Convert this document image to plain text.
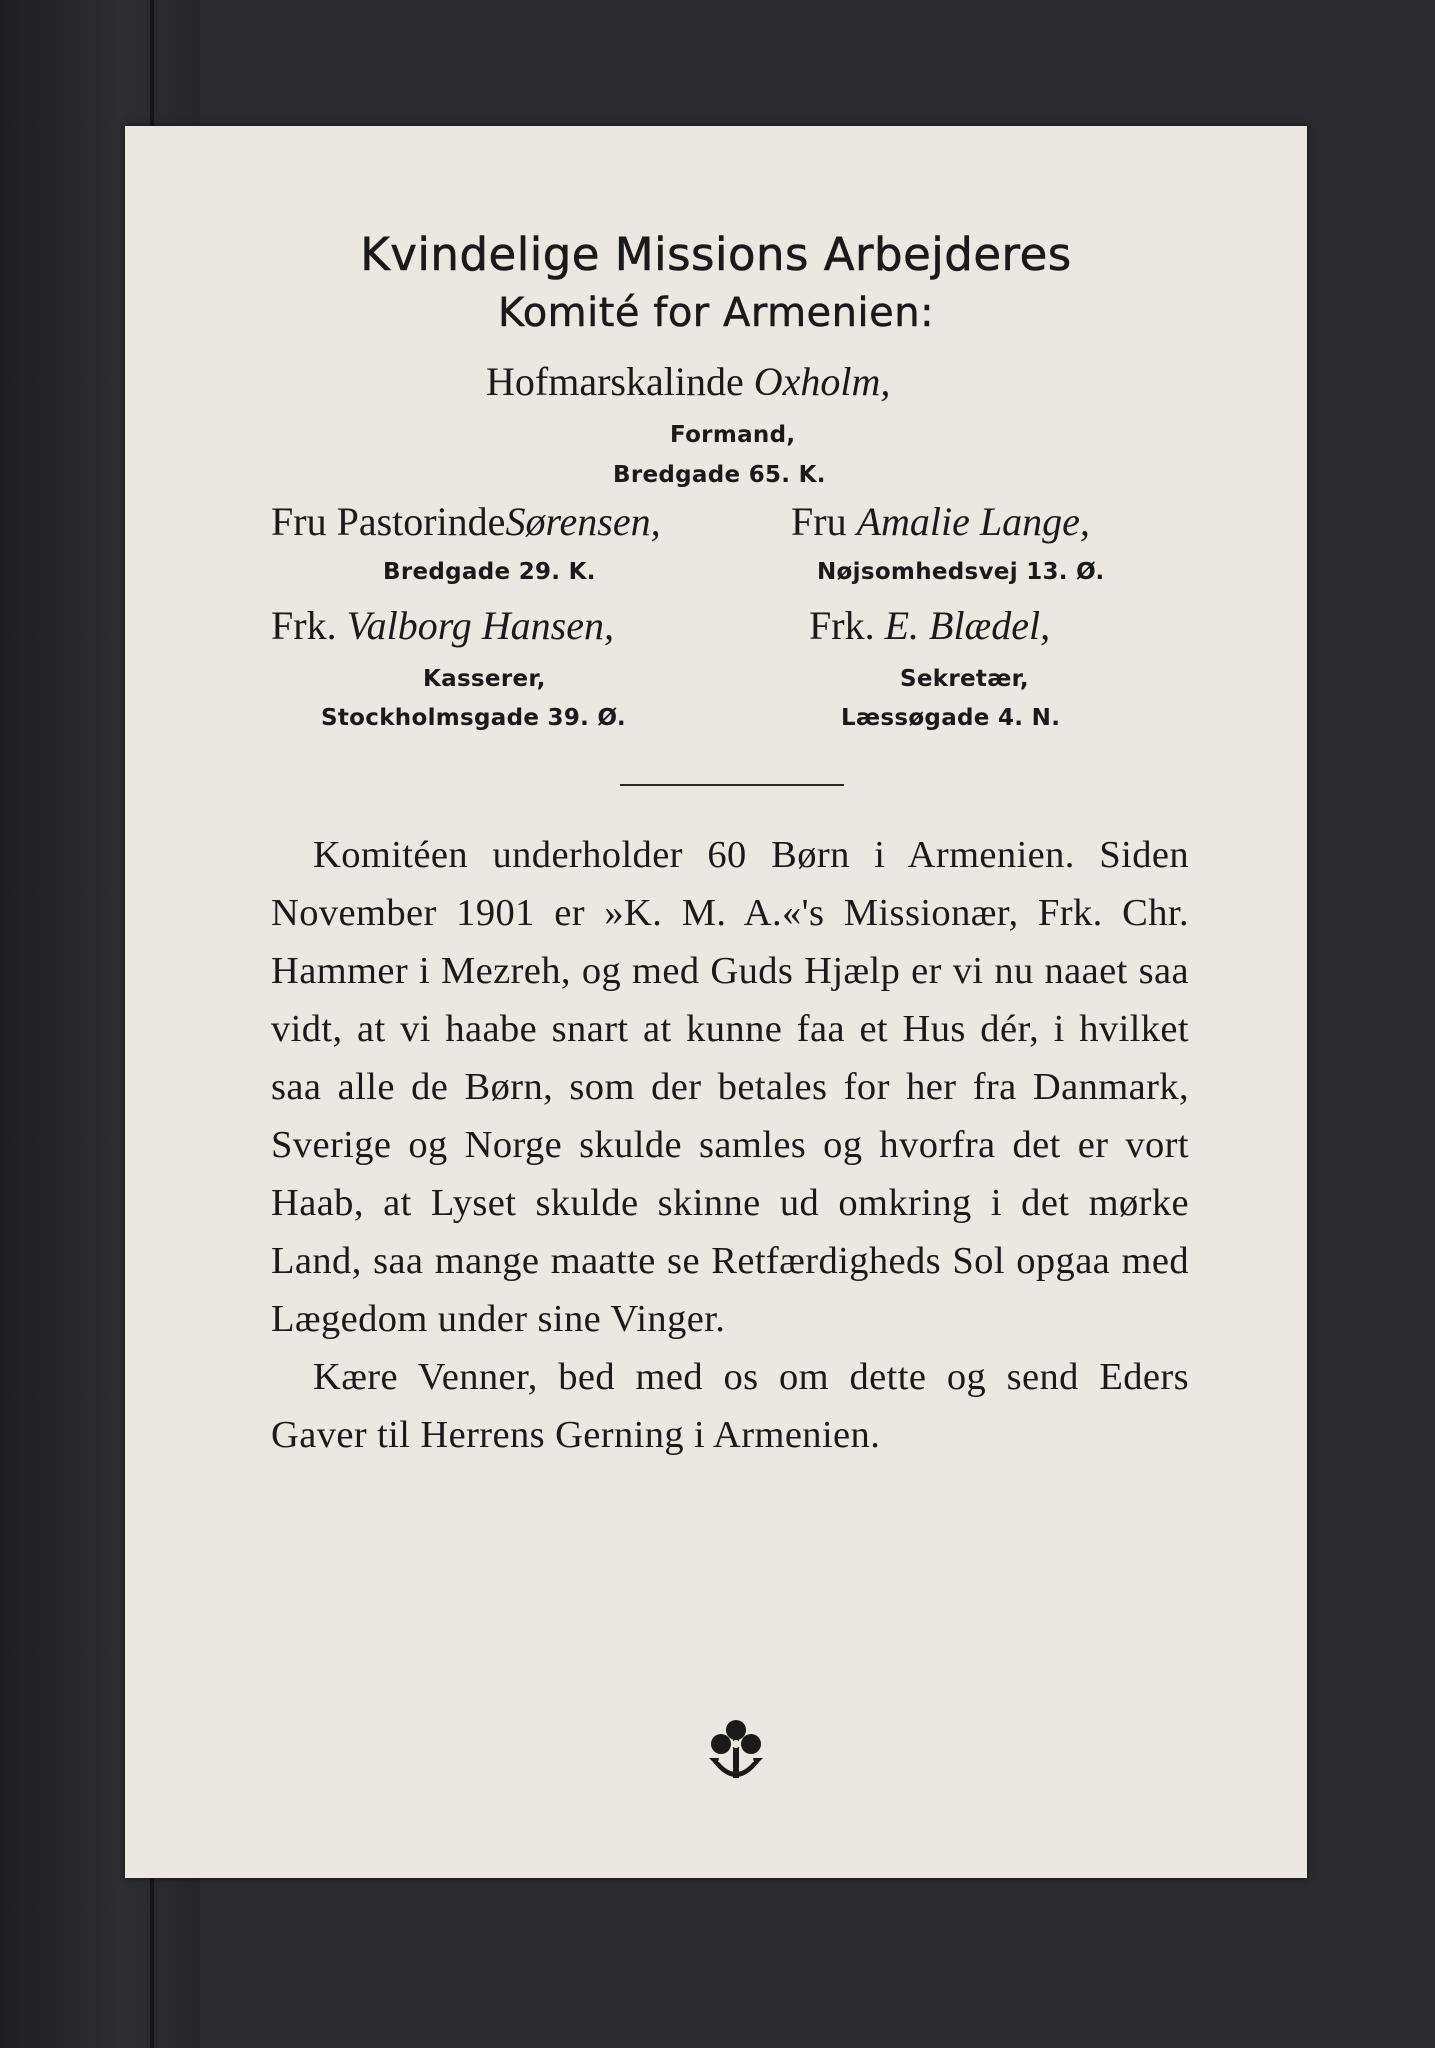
Kvindelige Missions Arbejderes
Komité for Armenien:
Hofmarskalinde Oxholm,
Formand,
Bredgade 65. K.
Fru PastorindeSørensen,	Fru Amalie Lange,
Bredgade 29. K.	Nøjsomhedsvej 13. Ø.
Frk. Valborg Hansen,	Frk. E. Blædel,
Kasserer,	Sekretær,
Stockholmsgade 39. Ø.	Læssøgade 4. N.

Komitéen underholder 60 Børn i Armenien. Siden November 1901 er »K. M. A.«'s Missionær, Frk. Chr. Hammer i Mezreh, og med Guds Hjælp er vi nu naaet saa vidt, at vi haabe snart at kunne faa et Hus dér, i hvilket saa alle de Børn, som der betales for her fra Danmark, Sverige og Norge skulde samles og hvorfra det er vort Haab, at Lyset skulde skinne ud omkring i det mørke Land, saa mange maatte se Retfærdigheds Sol opgaa med Lægedom under sine Vinger.

Kære Venner, bed med os om dette og send Eders Gaver til Herrens Gerning i Armenien.
